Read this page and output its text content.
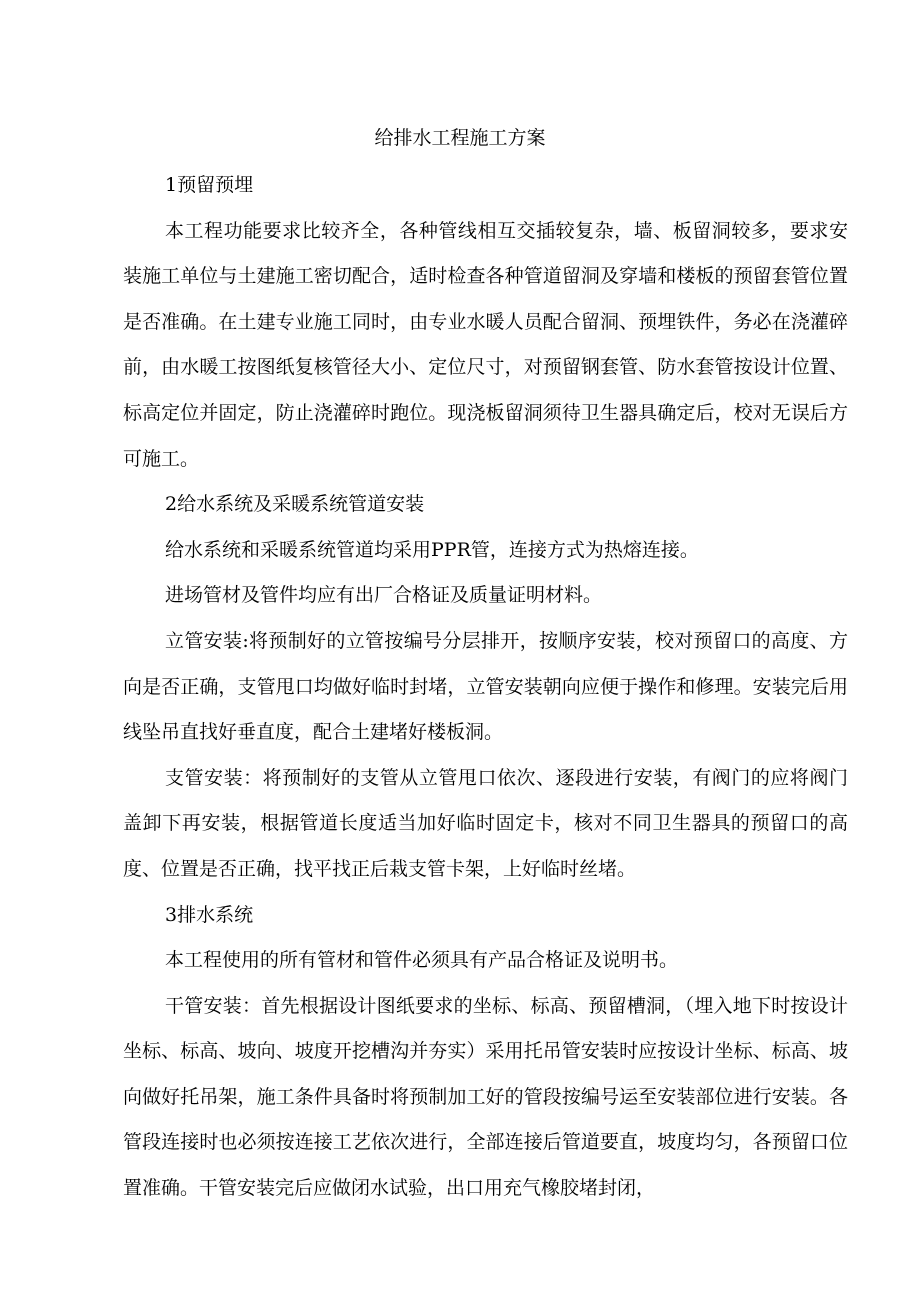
给排水工程施工方案

1预留预埋

本工程功能要求比较齐全，各种管线相互交插较复杂，墙、板留洞较多，要求安装施工单位与土建施工密切配合，适时检查各种管道留洞及穿墙和楼板的预留套管位置是否准确。在土建专业施工同时，由专业水暖人员配合留洞、预埋铁件，务必在浇灌碎前，由水暖工按图纸复核管径大小、定位尺寸，对预留钢套管、防水套管按设计位置、标高定位并固定，防止浇灌碎时跑位。现浇板留洞须待卫生器具确定后，校对无误后方可施工。

2给水系统及采暖系统管道安装

给水系统和采暖系统管道均采用PPR管，连接方式为热熔连接。

进场管材及管件均应有出厂合格证及质量证明材料。

立管安装:将预制好的立管按编号分层排开，按顺序安装，校对预留口的高度、方向是否正确，支管甩口均做好临时封堵，立管安装朝向应便于操作和修理。安装完后用线坠吊直找好垂直度，配合土建堵好楼板洞。

支管安装：将预制好的支管从立管甩口依次、逐段进行安装，有阀门的应将阀门盖卸下再安装，根据管道长度适当加好临时固定卡，核对不同卫生器具的预留口的高度、位置是否正确，找平找正后栽支管卡架，上好临时丝堵。

3排水系统

本工程使用的所有管材和管件必须具有产品合格证及说明书。

干管安装：首先根据设计图纸要求的坐标、标高、预留槽洞，（埋入地下时按设计坐标、标高、坡向、坡度开挖槽沟并夯实）采用托吊管安装时应按设计坐标、标高、坡向做好托吊架，施工条件具备时将预制加工好的管段按编号运至安装部位进行安装。各管段连接时也必须按连接工艺依次进行，全部连接后管道要直，坡度均匀，各预留口位置准确。干管安装完后应做闭水试验，出口用充气橡胶堵封闭，
